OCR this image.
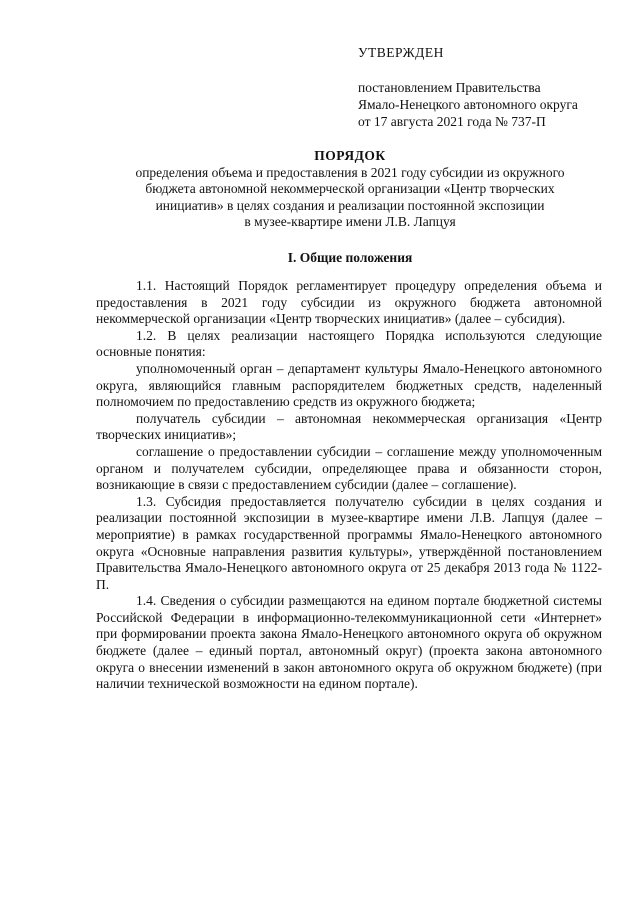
УТВЕРЖДЕН
постановлением Правительства
Ямало-Ненецкого автономного округа
от 17 августа 2021 года № 737-П
ПОРЯДОК
определения объема и предоставления в 2021 году субсидии из окружного
бюджета автономной некоммерческой организации «Центр творческих
инициатив» в целях создания и реализации постоянной экспозиции
в музее-квартире имени Л.В. Лапцуя
I. Общие положения

1.1. Настоящий Порядок регламентирует процедуру определения объема и предоставления в 2021 году субсидии из окружного бюджета автономной некоммерческой организации «Центр творческих инициатив» (далее – субсидия).

1.2. В целях реализации настоящего Порядка используются следующие основные понятия:

уполномоченный орган – департамент культуры Ямало-Ненецкого автономного округа, являющийся главным распорядителем бюджетных средств, наделенный полномочием по предоставлению средств из окружного бюджета;

получатель субсидии – автономная некоммерческая организация «Центр творческих инициатив»;

соглашение о предоставлении субсидии – соглашение между уполномоченным органом и получателем субсидии, определяющее права и обязанности сторон, возникающие в связи с предоставлением субсидии (далее – соглашение).

1.3. Субсидия предоставляется получателю субсидии в целях создания и реализации постоянной экспозиции в музее-квартире имени Л.В. Лапцуя (далее – мероприятие) в рамках государственной программы Ямало-Ненецкого автономного округа «Основные направления развития культуры», утверждённой постановлением Правительства Ямало-Ненецкого автономного округа от 25 декабря 2013 года № 1122-П.

1.4. Сведения о субсидии размещаются на едином портале бюджетной системы Российской Федерации в информационно-телекоммуникационной сети «Интернет» при формировании проекта закона Ямало-Ненецкого автономного округа об окружном бюджете (далее – единый портал, автономный округ) (проекта закона автономного округа о внесении изменений в закон автономного округа об окружном бюджете) (при наличии технической возможности на едином портале).
